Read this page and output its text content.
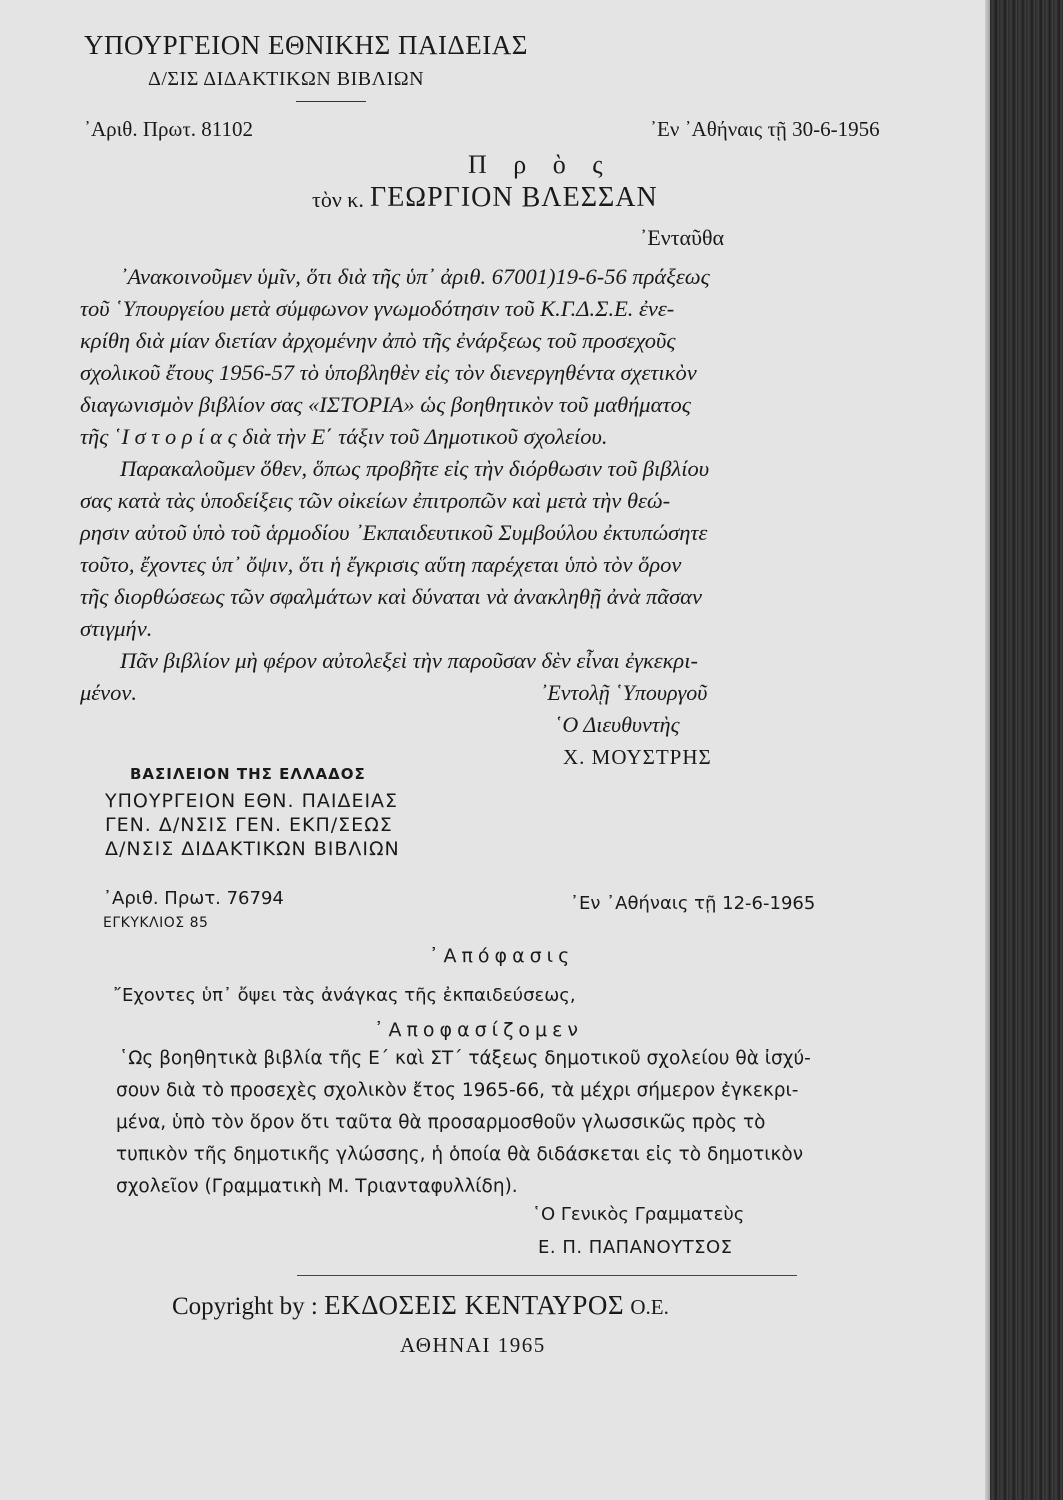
ΥΠΟΥΡΓΕΙΟΝ ΕΘΝΙΚΗΣ ΠΑΙΔΕΙΑΣ
Δ/ΣΙΣ ΔΙΔΑΚΤΙΚΩΝ ΒΙΒΛΙΩΝ
᾿Αριθ. Πρωτ. 81102	᾿Εν ᾿Αθήναις τῇ 30-6-1956
Π ρ ὸ ς
τὸν κ. ΓΕΩΡΓΙΟΝ ΒΛΕΣΣΑΝ
᾿Ενταῦθα
᾿Ανακοινοῦμεν ὑμῖν, ὅτι διὰ τῆς ὑπ᾿ ἀριθ. 67001)19-6-56 πράξεως
τοῦ ῾Υπουργείου μετὰ σύμφωνον γνωμοδότησιν τοῦ Κ.Γ.Δ.Σ.Ε. ἐνε-
κρίθη διὰ μίαν διετίαν ἀρχομένην ἀπὸ τῆς ἐνάρξεως τοῦ προσεχοῦς
σχολικοῦ ἔτους 1956-57 τὸ ὑποβληθὲν εἰς τὸν διενεργηθέντα σχετικὸν
διαγωνισμὸν βιβλίον σας «ΙΣΤΟΡΙΑ» ὡς βοηθητικὸν τοῦ μαθήματος
τῆς ῾Ι σ τ ο ρ ί α ς διὰ τὴν Ε΄ τάξιν τοῦ Δημοτικοῦ σχολείου.
Παρακαλοῦμεν ὅθεν, ὅπως προβῆτε εἰς τὴν διόρθωσιν τοῦ βιβλίου
σας κατὰ τὰς ὑποδείξεις τῶν οἰκείων ἐπιτροπῶν καὶ μετὰ τὴν θεώ-
ρησιν αὐτοῦ ὑπὸ τοῦ ἁρμοδίου ᾿Εκπαιδευτικοῦ Συμβούλου ἐκτυπώσητε
τοῦτο, ἔχοντες ὑπ᾿ ὄψιν, ὅτι ἡ ἔγκρισις αὕτη παρέχεται ὑπὸ τὸν ὅρον
τῆς διορθώσεως τῶν σφαλμάτων καὶ δύναται νὰ ἀνακληθῇ ἀνὰ πᾶσαν
στιγμήν.
Πᾶν βιβλίον μὴ φέρον αὐτολεξεὶ τὴν παροῦσαν δὲν εἶναι ἐγκεκρι-
μένον.	᾿Εντολῇ ῾Υπουργοῦ
῾Ο Διευθυντὴς
Χ. ΜΟΥΣΤΡΗΣ
ΒΑΣΙΛΕΙΟΝ ΤΗΣ ΕΛΛΑΔΟΣ
ΥΠΟΥΡΓΕΙΟΝ ΕΘΝ. ΠΑΙΔΕΙΑΣ
ΓΕΝ. Δ/ΝΣΙΣ ΓΕΝ. ΕΚΠ/ΣΕΩΣ
Δ/ΝΣΙΣ ΔΙΔΑΚΤΙΚΩΝ ΒΙΒΛΙΩΝ
᾿Αριθ. Πρωτ. 76794
ΕΓΚΥΚΛΙΟΣ 85
᾿Εν ᾿Αθήναις τῇ 12-6-1965
᾿Απόφασις
῎Εχοντες ὑπ᾿ ὄψει τὰς ἀνάγκας τῆς ἐκπαιδεύσεως,
᾿Αποφασίζομεν
῾Ως βοηθητικὰ βιβλία τῆς Ε΄ καὶ ΣΤ΄ τάξεως δημοτικοῦ σχολείου θὰ ἰσχύ-
σουν διὰ τὸ προσεχὲς σχολικὸν ἔτος 1965-66, τὰ μέχρι σήμερον ἐγκεκρι-
μένα, ὑπὸ τὸν ὅρον ὅτι ταῦτα θὰ προσαρμοσθοῦν γλωσσικῶς πρὸς τὸ
τυπικὸν τῆς δημοτικῆς γλώσσης, ἡ ὁποία θὰ διδάσκεται εἰς τὸ δημοτικὸν
σχολεῖον (Γραμματικὴ Μ. Τριανταφυλλίδη).
῾Ο Γενικὸς Γραμματεὺς
Ε. Π. ΠΑΠΑΝΟΥΤΣΟΣ
Copyright by : ΕΚΔΟΣΕΙΣ ΚΕΝΤΑΥΡΟΣ Ο.Ε.
ΑΘΗΝΑΙ 1965
